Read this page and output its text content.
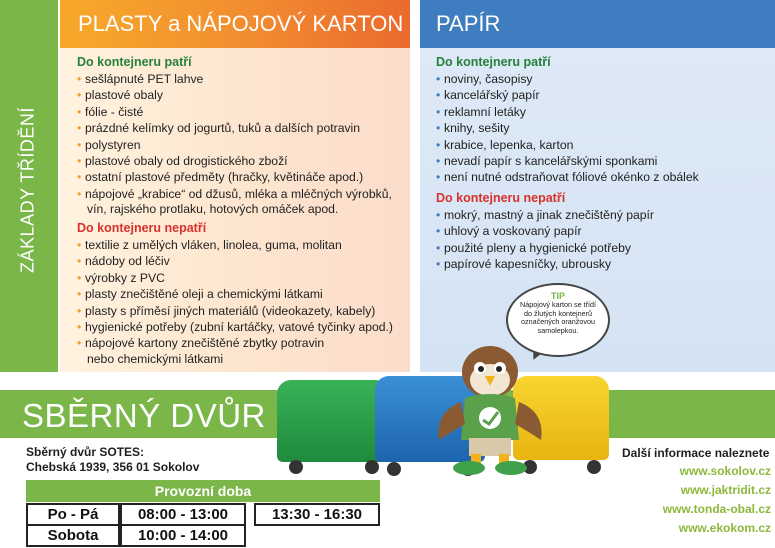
ZÁKLADY TŘÍDĚNÍ
PLASTY a NÁPOJOVÝ KARTON
Do kontejneru patří
• sešlápnuté PET lahve
• plastové obaly
• fólie - čisté
• prázdné kelímky od jogurtů, tuků a dalších potravin
• polystyren
• plastové obaly od drogistického zboží
• ostatní plastové předměty (hračky, květináče apod.)
• nápojové „krabice“ od džusů, mléka a mléčných výrobků,
vín, rajského protlaku, hotových omáček apod.
Do kontejneru nepatří
• textilie z umělých vláken, linolea, guma, molitan
• nádoby od léčiv
• výrobky z PVC
• plasty znečištěné oleji a chemickými látkami
• plasty s příměsí jiných materiálů (videokazety, kabely)
• hygienické potřeby (zubní kartáčky, vatové tyčinky apod.)
• nápojové kartony znečištěné zbytky potravin
nebo chemickými látkami
PAPÍR
Do kontejneru patří
• noviny, časopisy
• kancelářský papír
• reklamní letáky
• knihy, sešity
• krabice, lepenka, karton
• nevadí papír s kancelářskými sponkami
• není nutné odstraňovat fóliové okénko z obálek
Do kontejneru nepatří
• mokrý, mastný a jinak znečištěný papír
• uhlový a voskovaný papír
• použité pleny a hygienické potřeby
• papírové kapesníčky, ubrousky
SBĚRNÝ DVŮR
TIP
Nápojový karton se třídí do žlutých kontejnerů označených oranžovou samolepkou.
Sběrný dvůr SOTES:
Chebská 1939, 356 01 Sokolov
Provozní doba
Po - Pá	08:00 - 13:00	13:30 - 16:30
Sobota	10:00 - 14:00
Další informace naleznete
www.sokolov.cz
www.jaktridit.cz
www.tonda-obal.cz
www.ekokom.cz
